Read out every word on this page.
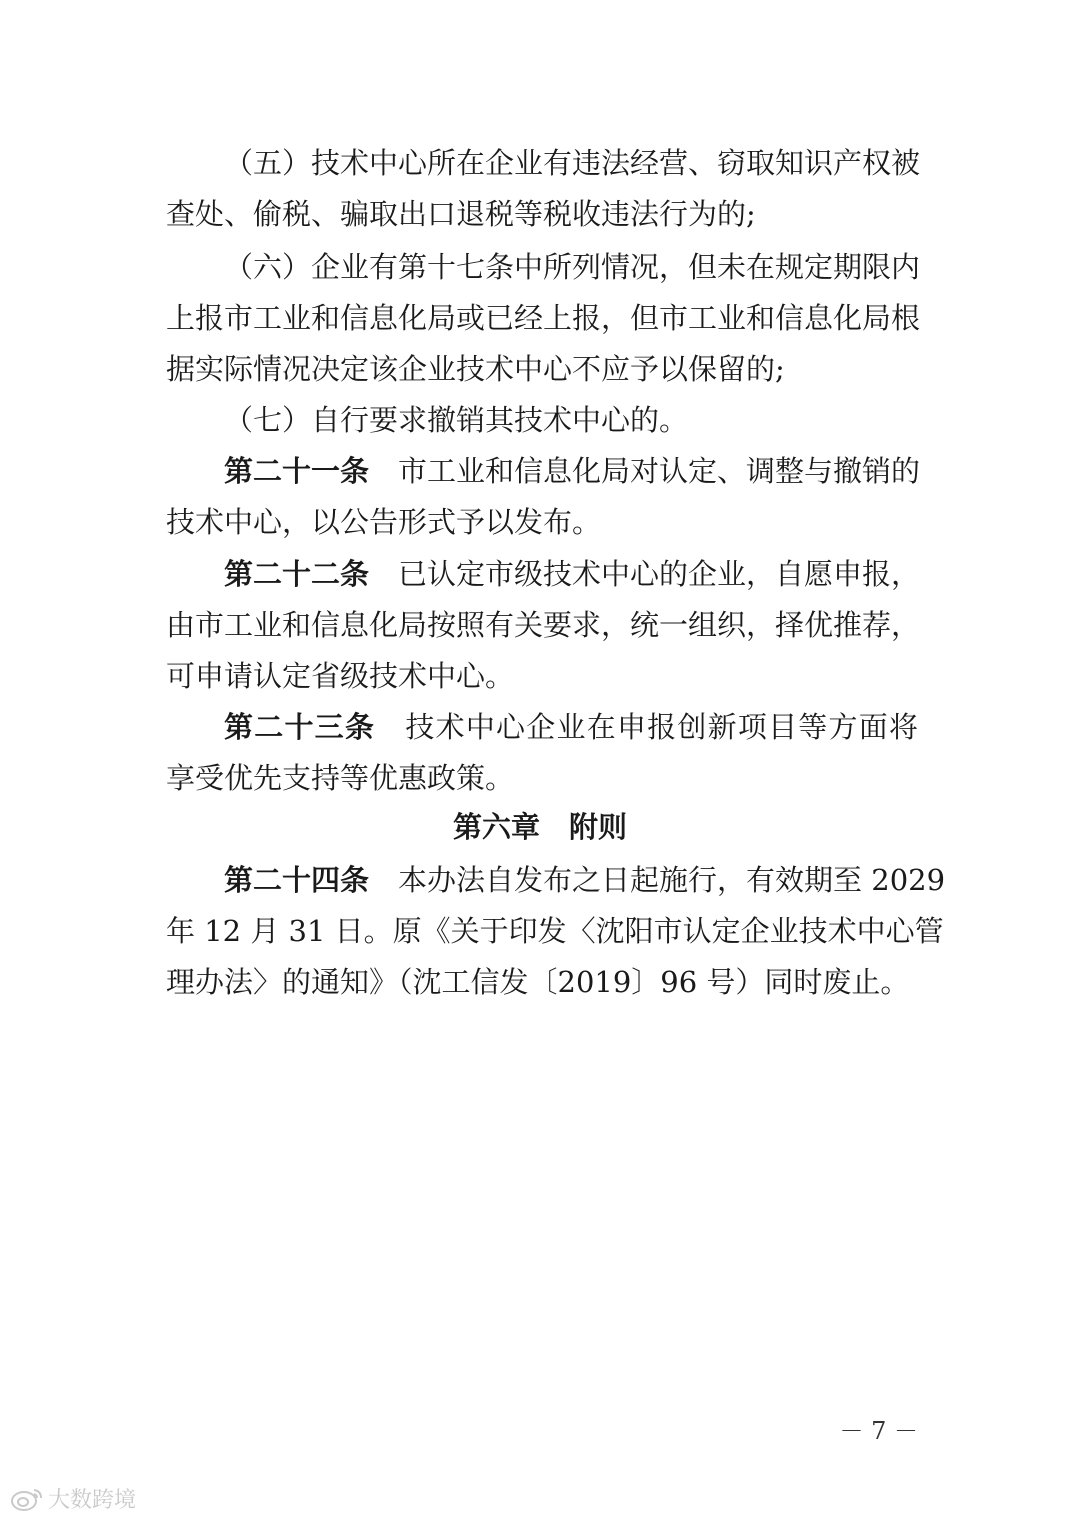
（五）技术中心所在企业有违法经营、窃取知识产权被
查处、偷税、骗取出口退税等税收违法行为的;
（六）企业有第十七条中所列情况，但未在规定期限内
上报市工业和信息化局或已经上报，但市工业和信息化局根
据实际情况决定该企业技术中心不应予以保留的;
（七）自行要求撤销其技术中心的。
第二十一条　 市工业和信息化局对认定、调整与撤销的
技术中心，以公告形式予以发布。
第二十二条　 已认定市级技术中心的企业，自愿申报，
由市工业和信息化局按照有关要求，统一组织，择优推荐，
可申请认定省级技术中心。
第二十三条　 技术中心企业在申报创新项目等方面将
享受优先支持等优惠政策。
第六章　附则
第二十四条　 本办法自发布之日起施行，有效期至 2029
年 12 月 31 日。原《关于印发〈沈阳市认定企业技术中心管
理办法〉的通知》（沈工信发〔2019〕96 号）同时废止。
－ 7 －
大数跨境
